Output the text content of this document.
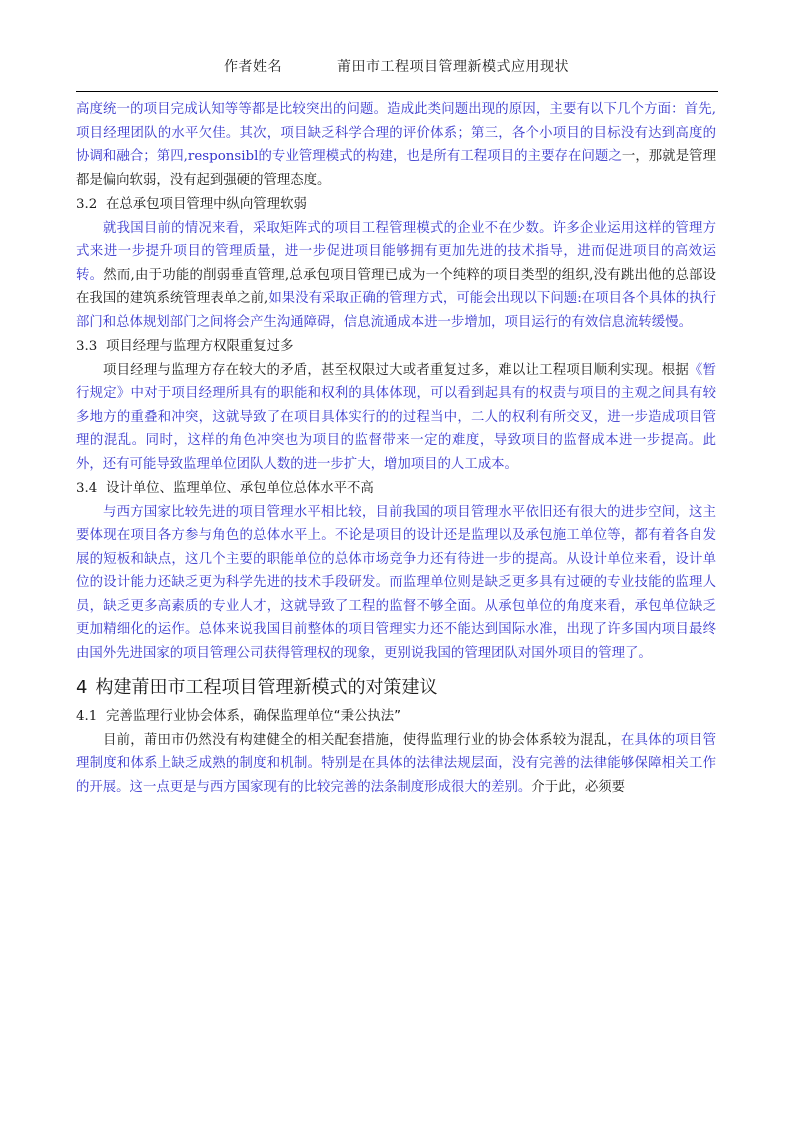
作者姓名	莆田市工程项目管理新模式应用现状

高度统一的项目完成认知等等都是比较突出的问题。造成此类问题出现的原因，主要有以下几个方面：首先,项目经理团队的水平欠佳。其次，项目缺乏科学合理的评价体系；第三，各个小项目的目标没有达到高度的协调和融合；第四,responsibl的专业管理模式的构建，也是所有工程项目的主要存在问题之一，那就是管理都是偏向软弱，没有起到强硬的管理态度。

3.2 在总承包项目管理中纵向管理软弱

就我国目前的情况来看，采取矩阵式的项目工程管理模式的企业不在少数。许多企业运用这样的管理方式来进一步提升项目的管理质量，进一步促进项目能够拥有更加先进的技术指导，进而促进项目的高效运转。然而,由于功能的削弱垂直管理,总承包项目管理已成为一个纯粹的项目类型的组织,没有跳出他的总部设在我国的建筑系统管理表单之前,如果没有采取正确的管理方式，可能会出现以下问题:在项目各个具体的执行部门和总体规划部门之间将会产生沟通障碍，信息流通成本进一步增加，项目运行的有效信息流转缓慢。

3.3 项目经理与监理方权限重复过多

项目经理与监理方存在较大的矛盾，甚至权限过大或者重复过多，难以让工程项目顺利实现。根据《暂行规定》中对于项目经理所具有的职能和权利的具体体现，可以看到起具有的权责与项目的主观之间具有较多地方的重叠和冲突，这就导致了在项目具体实行的的过程当中，二人的权利有所交叉，进一步造成项目管理的混乱。同时，这样的角色冲突也为项目的监督带来一定的难度，导致项目的监督成本进一步提高。此外，还有可能导致监理单位团队人数的进一步扩大，增加项目的人工成本。

3.4 设计单位、监理单位、承包单位总体水平不高

与西方国家比较先进的项目管理水平相比较，目前我国的项目管理水平依旧还有很大的进步空间，这主要体现在项目各方参与角色的总体水平上。不论是项目的设计还是监理以及承包施工单位等，都有着各自发展的短板和缺点，这几个主要的职能单位的总体市场竞争力还有待进一步的提高。从设计单位来看，设计单位的设计能力还缺乏更为科学先进的技术手段研发。而监理单位则是缺乏更多具有过硬的专业技能的监理人员，缺乏更多高素质的专业人才，这就导致了工程的监督不够全面。从承包单位的角度来看，承包单位缺乏更加精细化的运作。总体来说我国目前整体的项目管理实力还不能达到国际水准，出现了许多国内项目最终由国外先进国家的项目管理公司获得管理权的现象，更别说我国的管理团队对国外项目的管理了。

4 构建莆田市工程项目管理新模式的对策建议
4.1 完善监理行业协会体系，确保监理单位“秉公执法”

目前，莆田市仍然没有构建健全的相关配套措施，使得监理行业的协会体系较为混乱，在具体的项目管理制度和体系上缺乏成熟的制度和机制。特别是在具体的法律法规层面，没有完善的法律能够保障相关工作的开展。这一点更是与西方国家现有的比较完善的法条制度形成很大的差别。介于此，必须要
